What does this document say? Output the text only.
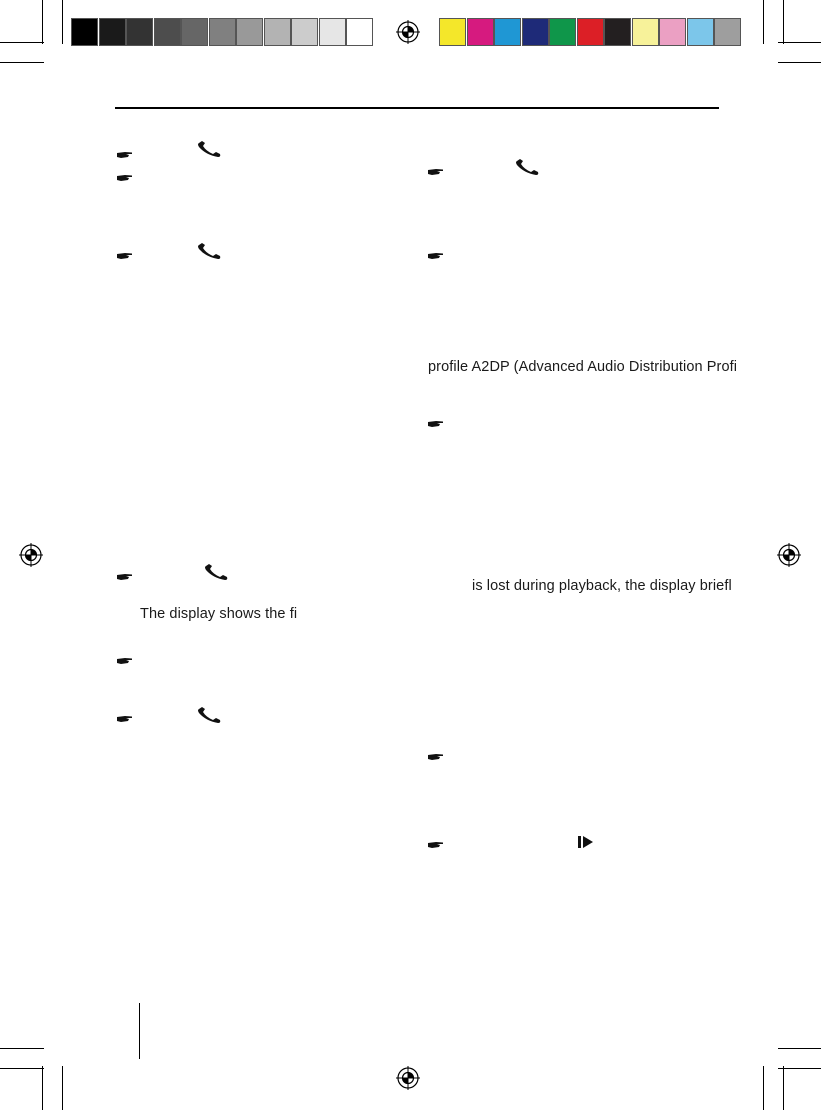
The display shows the fi
profile A2DP (Advanced Audio Distribution Profi
is lost during playback, the display briefl
